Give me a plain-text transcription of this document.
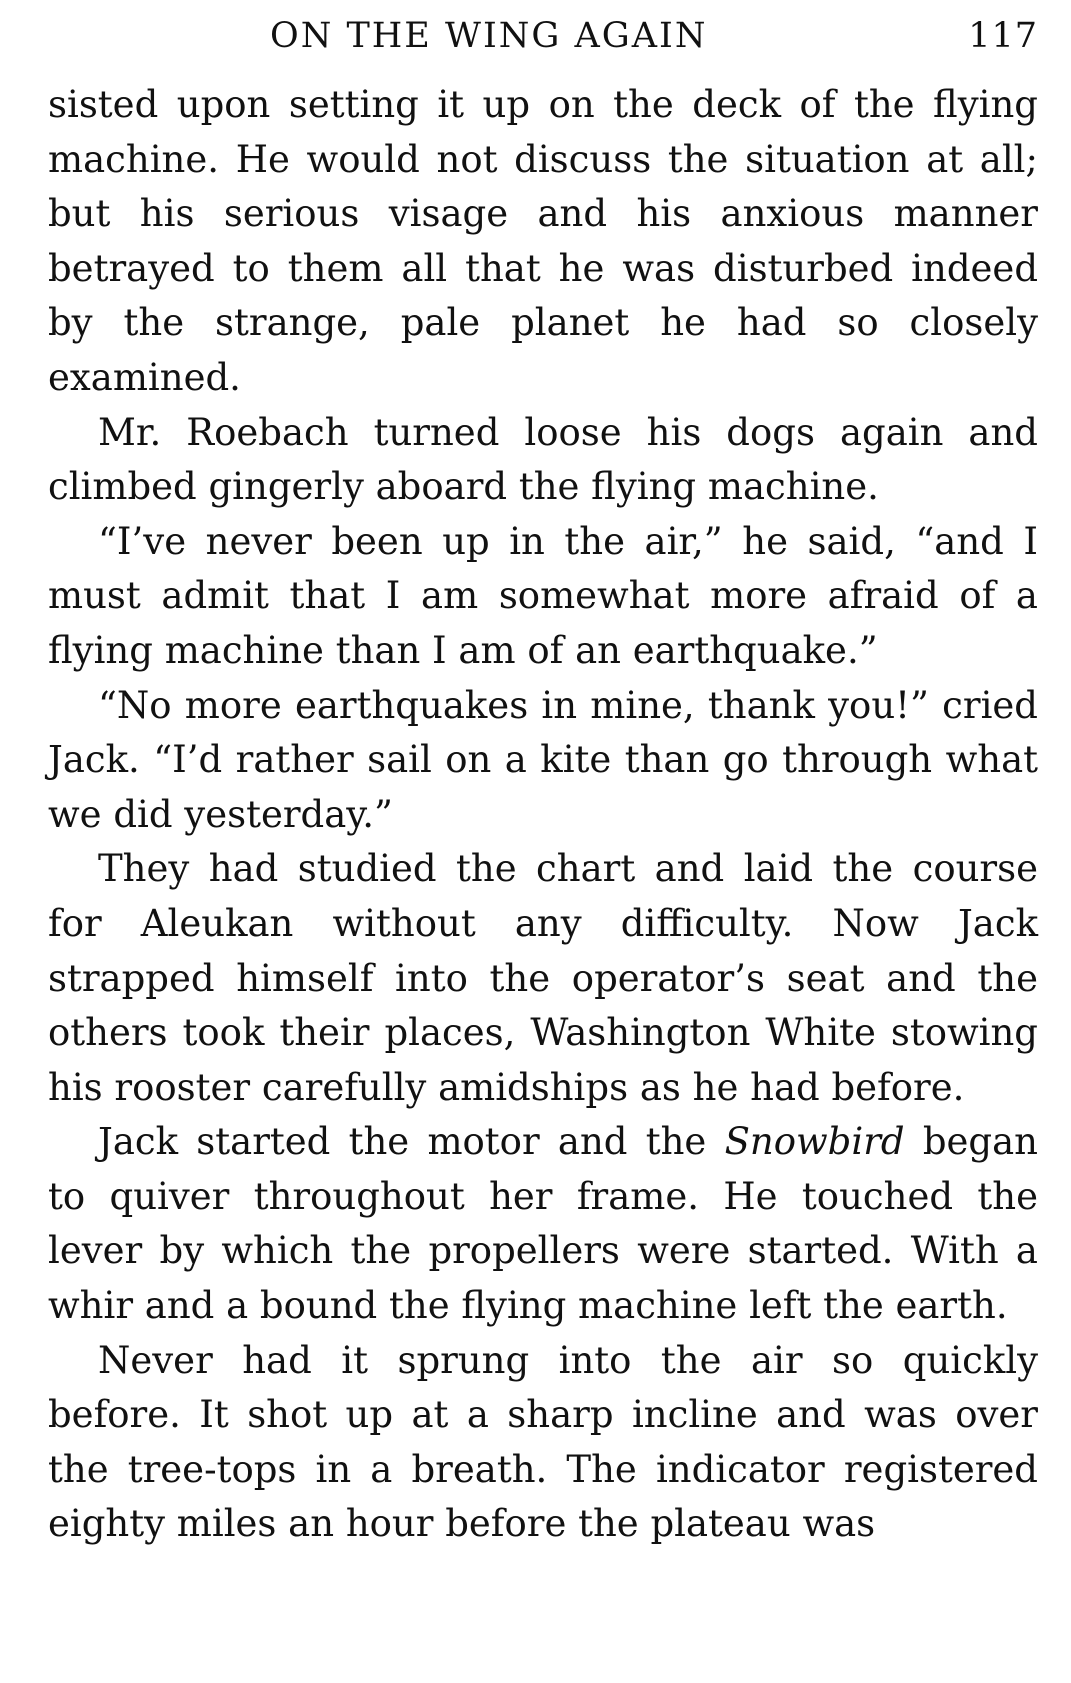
ON THE WING AGAIN	117

sisted upon setting it up on the deck of the flying machine. He would not discuss the situation at all; but his serious visage and his anxious manner betrayed to them all that he was disturbed indeed by the strange, pale planet he had so closely examined.

Mr. Roebach turned loose his dogs again and climbed gingerly aboard the flying machine.

“I’ve never been up in the air,” he said, “and I must admit that I am somewhat more afraid of a flying machine than I am of an earthquake.”

“No more earthquakes in mine, thank you!” cried Jack. “I’d rather sail on a kite than go through what we did yesterday.”

They had studied the chart and laid the course for Aleukan without any difficulty. Now Jack strapped himself into the operator’s seat and the others took their places, Washington White stowing his rooster carefully amidships as he had before.

Jack started the motor and the Snowbird began to quiver throughout her frame. He touched the lever by which the propellers were started. With a whir and a bound the flying machine left the earth.

Never had it sprung into the air so quickly before. It shot up at a sharp incline and was over the tree-tops in a breath. The indicator registered eighty miles an hour before the plateau was
